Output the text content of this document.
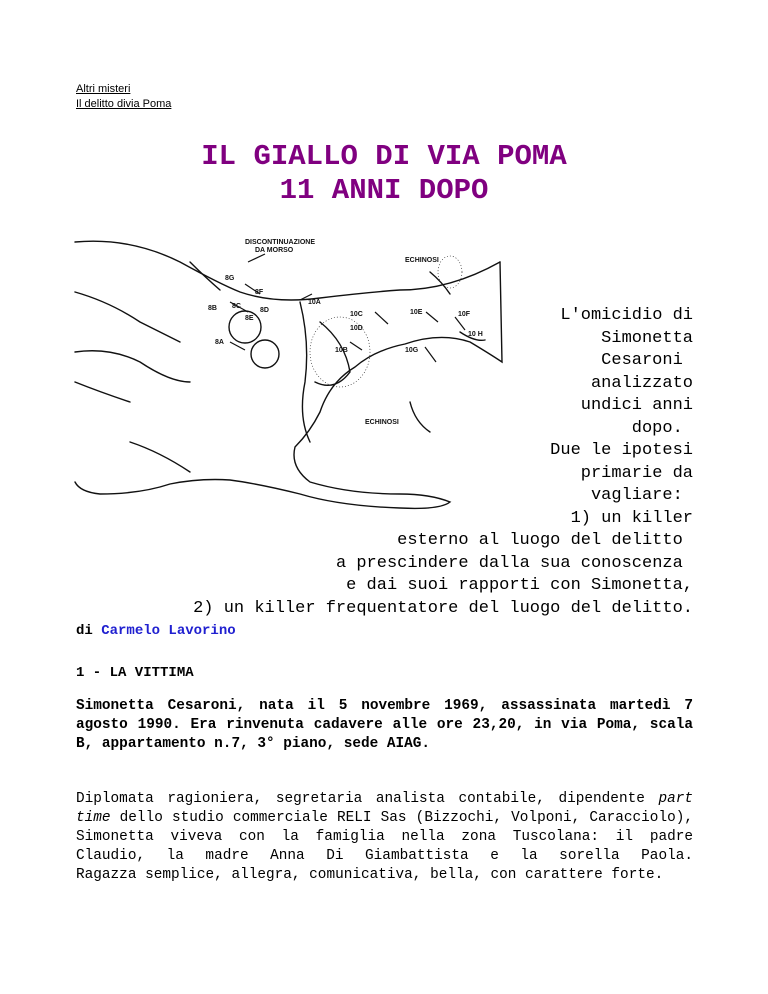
Altri misteri
Il delitto divia Poma
IL GIALLO DI VIA POMA
11 ANNI DOPO
DISCONTINUAZIONE
DA MORSO
ECHINOSI
ECHINOSI
8G
8F
8B 8C
8D
8E
8A
10A
10C
10D
10B
10E	10F
10 H
10G
L'omicidio di
Simonetta
Cesaroni
analizzato
undici anni
dopo.
Due le ipotesi
primarie da
vagliare:
1) un killer
esterno al luogo del delitto
a prescindere dalla sua conoscenza
e dai suoi rapporti con Simonetta,
2) un killer frequentatore del luogo del delitto.
di Carmelo Lavorino
1 - LA VITTIMA
Simonetta Cesaroni, nata il 5 novembre 1969, assassinata martedì 7 agosto 1990. Era rinvenuta cadavere alle ore 23,20, in via Poma, scala B, appartamento n.7, 3° piano, sede AIAG.

Diplomata ragioniera, segretaria analista contabile, dipendente part time dello studio commerciale RELI Sas (Bizzochi, Volponi, Caracciolo), Simonetta viveva con la famiglia nella zona Tuscolana: il padre Claudio, la madre Anna Di Giambattista e la sorella Paola.

Ragazza semplice, allegra, comunicativa, bella, con carattere forte.
